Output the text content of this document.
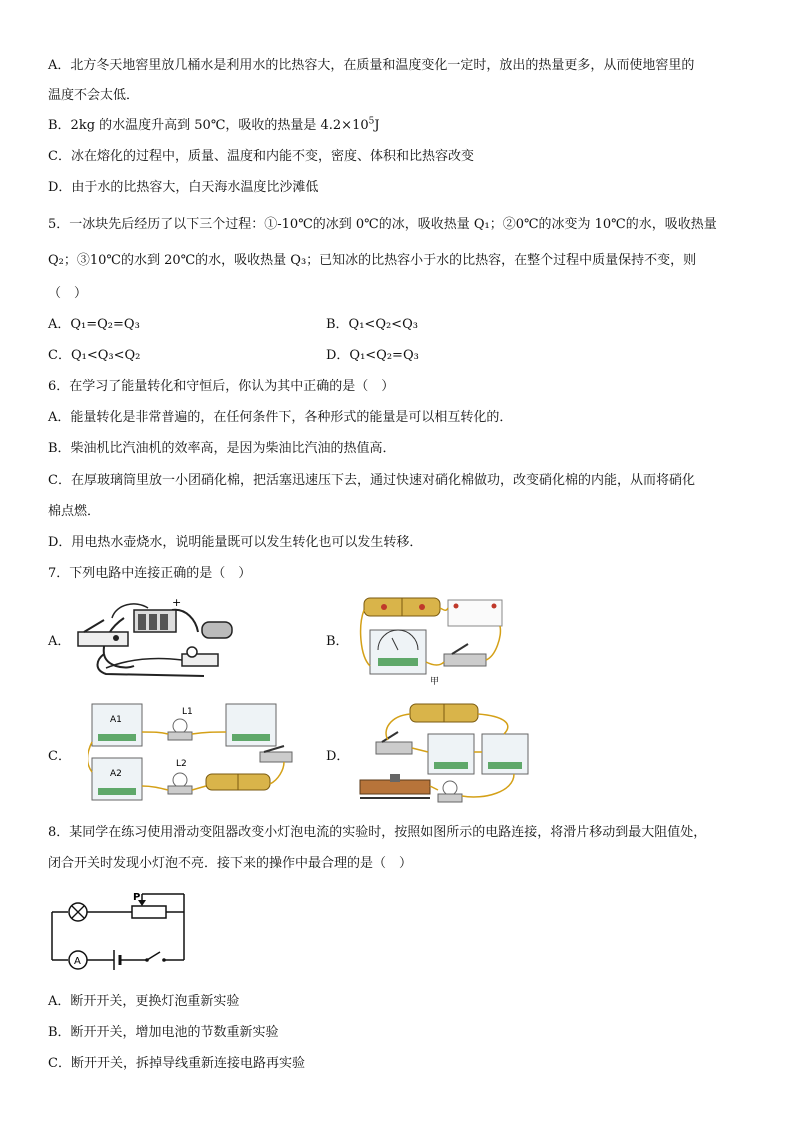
A．北方冬天地窖里放几桶水是利用水的比热容大，在质量和温度变化一定时，放出的热量更多，从而使地窖里的
温度不会太低．
B．2kg 的水温度升高到 50℃，吸收的热量是 $4.2\times 10^5J$
C．冰在熔化的过程中，质量、温度和内能不变，密度、体积和比热容改变
D．由于水的比热容大，白天海水温度比沙滩低
5．一冰块先后经历了以下三个过程：①-10℃的冰到 0℃的冰，吸收热量 Q₁；②0℃的冰变为 10℃的水，吸收热量
Q₂；③10℃的水到 20℃的水，吸收热量 Q₃；已知冰的比热容小于水的比热容，在整个过程中质量保持不变，则
（　）
A．Q₁=Q₂=Q₃	B．Q₁<Q₂<Q₃
C．Q₁<Q₃<Q₂	D．Q₁<Q₂=Q₃
6．在学习了能量转化和守恒后，你认为其中正确的是（　）
A．能量转化是非常普遍的，在任何条件下，各种形式的能量是可以相互转化的．
B．柴油机比汽油机的效率高，是因为柴油比汽油的热值高．
C．在厚玻璃筒里放一小团硝化棉，把活塞迅速压下去，通过快速对硝化棉做功，改变硝化棉的内能，从而将硝化
棉点燃．
D．用电热水壶烧水，说明能量既可以发生转化也可以发生转移．
7．下列电路中连接正确的是（　）
A．	B．
C．	D．
+
甲
A1
A2
L1
L2
8．某同学在练习使用滑动变阻器改变小灯泡电流的实验时，按照如图所示的电路连接，将滑片移动到最大阻值处，
闭合开关时发现小灯泡不亮．接下来的操作中最合理的是（　）
P
A
A．断开开关，更换灯泡重新实验
B．断开开关，增加电池的节数重新实验
C．断开开关，拆掉导线重新连接电路再实验
